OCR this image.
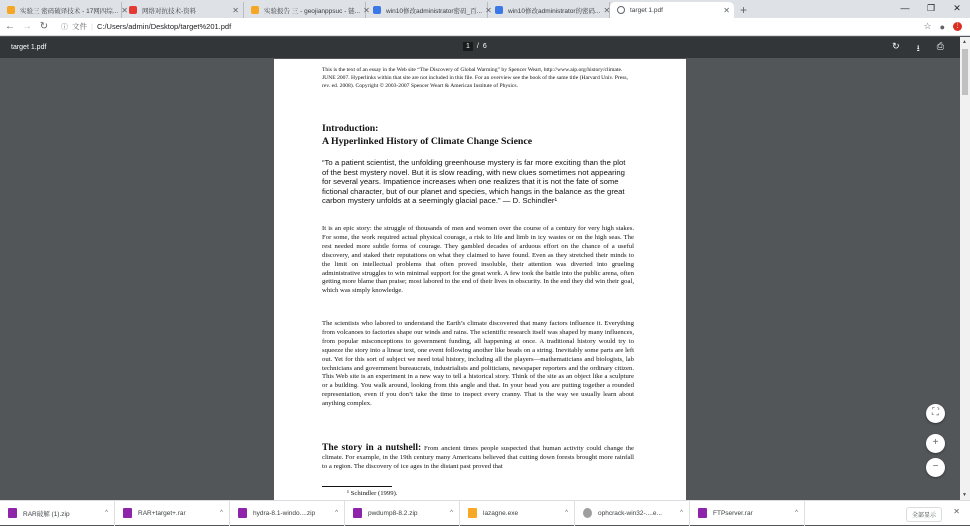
实验三 密码破译技术 - 17网四综... ✕ 网络对抗技术-资料	✕	实验报告 三 - geojianppsuc - 链... ✕ win10修改administrator密码_百... ✕ win10修改administrator的密码... ✕	target 1.pdf	✕ +	—	❐	✕
← → ↻	ⓘ 文件 | C:/Users/admin/Desktop/target%201.pdf	☆ ● ⋮
target 1.pdf	1	/ 6	↻ ⭳ ⎙	▲
▼
This is the text of an essay in the Web site “The Discovery of Global Warming” by Spencer Weart, http://www.aip.org/history/climate. JUNE 2007. Hyperlinks within that site are not included in this file. For an overview see the book of the same title (Harvard Univ. Press, rev. ed. 2008). Copyright © 2003-2007 Spencer Weart & American Institute of Physics.
Introduction:
A Hyperlinked History of Climate Change Science
“To a patient scientist, the unfolding greenhouse mystery is far more exciting than the plot of the best mystery novel. But it is slow reading, with new clues sometimes not appearing for several years. Impatience increases when one realizes that it is not the fate of some fictional character, but of our planet and species, which hangs in the balance as the great carbon mystery unfolds at a seemingly glacial pace.” — D. Schindler¹
It is an epic story: the struggle of thousands of men and women over the course of a century for very high stakes. For some, the work required actual physical courage, a risk to life and limb in icy wastes or on the high seas. The rest needed more subtle forms of courage. They gambled decades of arduous effort on the chance of a useful discovery, and staked their reputations on what they claimed to have found. Even as they stretched their minds to the limit on intellectual problems that often proved insoluble, their attention was diverted into grueling administrative struggles to win minimal support for the great work. A few took the battle into the public arena, often getting more blame than praise; most labored to the end of their lives in obscurity. In the end they did win their goal, which was simply knowledge.
The scientists who labored to understand the Earth’s climate discovered that many factors influence it. Everything from volcanoes to factories shape our winds and rains. The scientific research itself was shaped by many influences, from popular misconceptions to government funding, all happening at once. A traditional history would try to squeeze the story into a linear text, one event following another like beads on a string. Inevitably some parts are left out. Yet for this sort of subject we need total history, including all the players—mathematicians and biologists, lab technicians and government bureaucrats, industrialists and politicians, newspaper reporters and the ordinary citizen. This Web site is an experiment in a new way to tell a historical story. Think of the site as an object like a sculpture or a building. You walk around, looking from this angle and that. In your head you are putting together a rounded representation, even if you don’t take the time to inspect every cranny. That is the way we usually learn about anything complex.
The story in a nutshell: From ancient times people suspected that human activity could change the climate. For example, in the 19th century many Americans believed that cutting down forests brought more rainfall to a region. The discovery of ice ages in the distant past proved that
¹ Schindler (1999).
⛶
+
−
RAR破解 (1).zip	^	RAR+target+.rar	^	hydra-8.1-windo....zip	^	pwdump8-8.2.zip	^	lazagne.exe	^	ophcrack-win32-....e...	^	FTPserver.rar	^	全部显示	✕
